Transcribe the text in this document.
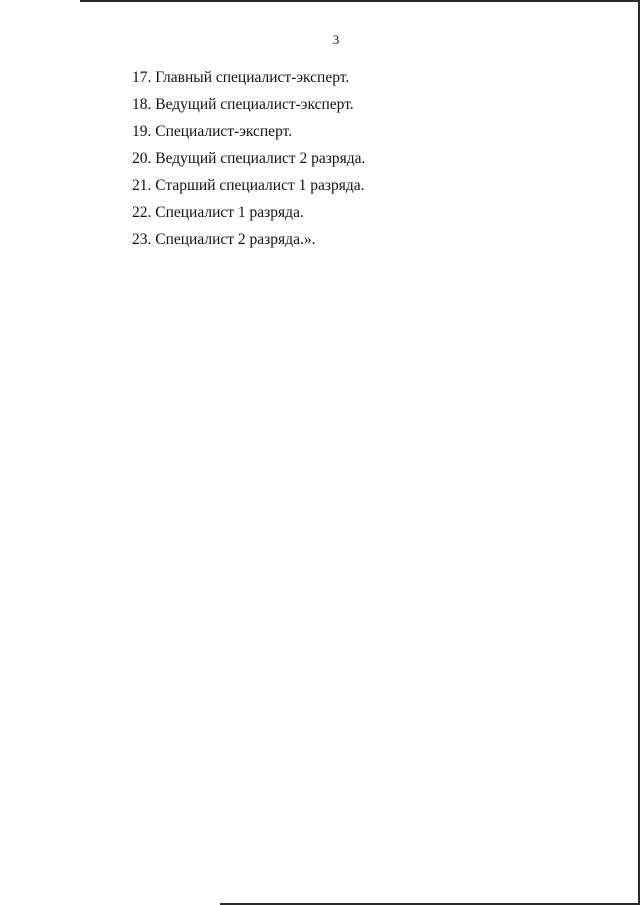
3
17. Главный специалист-эксперт.
18. Ведущий специалист-эксперт.
19. Специалист-эксперт.
20. Ведущий специалист 2 разряда.
21. Старший специалист 1 разряда.
22. Специалист 1 разряда.
23. Специалист 2 разряда.».
